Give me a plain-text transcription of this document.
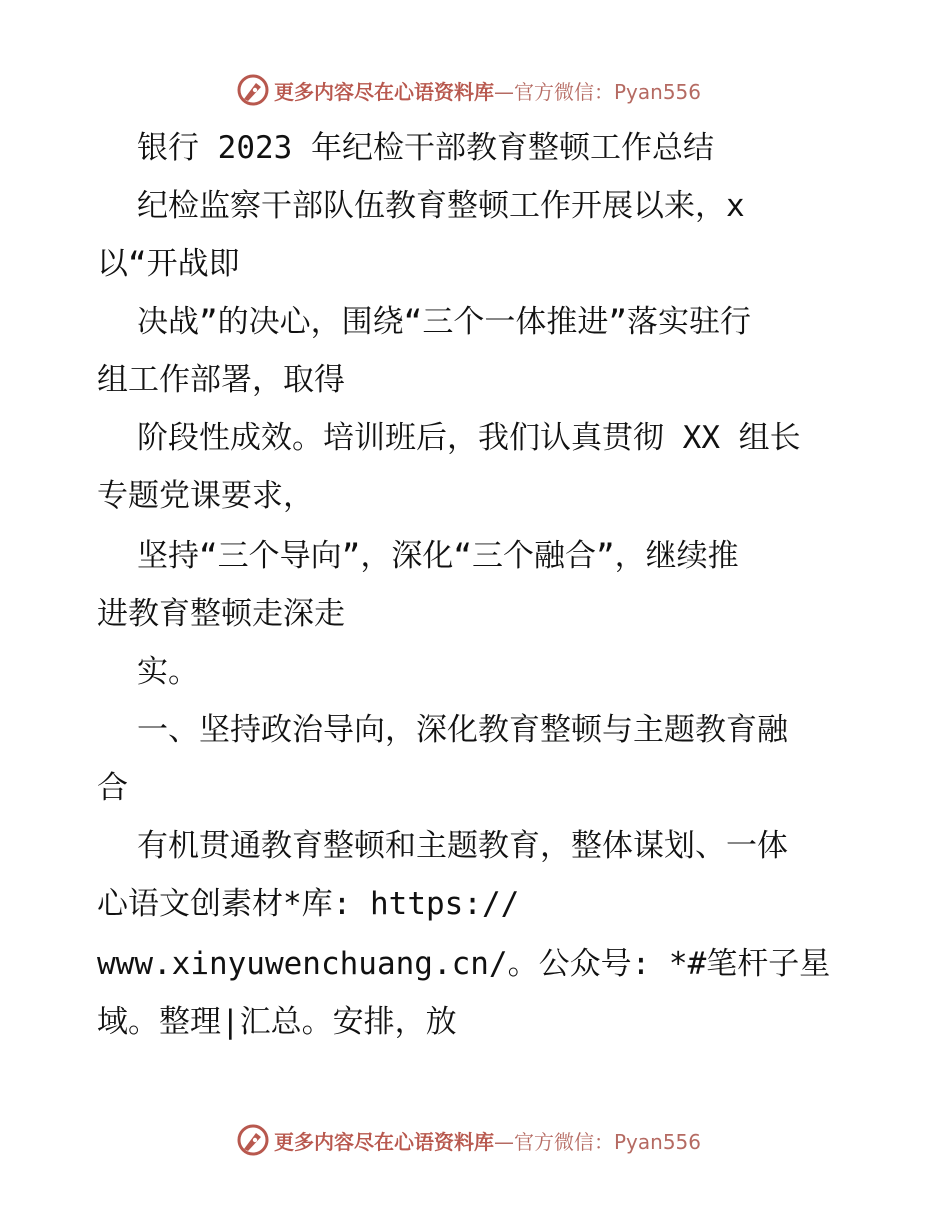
更多内容尽在心语资料库 —官方微信：Pyan556

银行 2023 年纪检干部教育整顿工作总结

纪检监察干部队伍教育整顿工作开展以来，x

以“开战即

决战”的决心，围绕“三个一体推进”落实驻行

组工作部署，取得

阶段性成效。培训班后，我们认真贯彻 XX 组长

专题党课要求，

坚持“三个导向”，深化“三个融合”，继续推

进教育整顿走深走

实。

一、坚持政治导向，深化教育整顿与主题教育融

合

有机贯通教育整顿和主题教育，整体谋划、一体

心语文创素材*库: https://

www.xinyuwenchuang.cn/。公众号: *#笔杆子星

域。整理|汇总。安排，放

更多内容尽在心语资料库 —官方微信：Pyan556
